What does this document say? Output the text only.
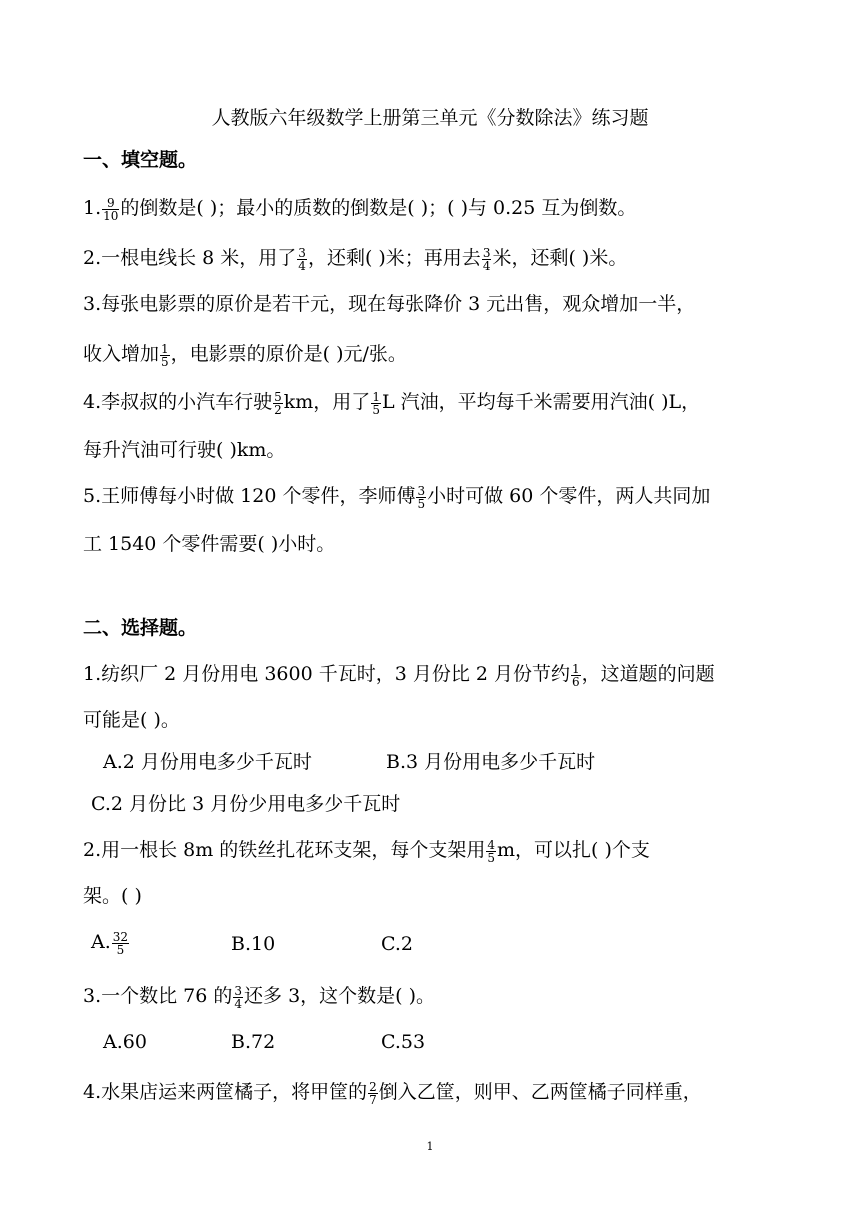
人教版六年级数学上册第三单元《分数除法》练习题
一、填空题。
1. $\frac{9}{10}$ 的倒数是( )；最小的质数的倒数是( )；( )与 0.25 互为倒数。
2.一根电线长 8 米，用了 $\frac{3}{4}$ ，还剩( )米；再用去 $\frac{3}{4}$ 米，还剩( )米。
3.每张电影票的原价是若干元，现在每张降价 3 元出售，观众增加一半，
收入增加 $\frac{1}{5}$ ，电影票的原价是( )元/张。
4.李叔叔的小汽车行驶 $\frac{5}{2}$ km，用了 $\frac{1}{5}$ L 汽油，平均每千米需要用汽油( )L，
每升汽油可行驶( )km。
5.王师傅每小时做 120 个零件，李师傅 $\frac{3}{5}$ 小时可做 60 个零件，两人共同加
工 1540 个零件需要( )小时。
二、选择题。
1.纺织厂 2 月份用电 3600 千瓦时，3 月份比 2 月份节约 $\frac{1}{6}$ ，这道题的问题
可能是( )。
A.2 月份用电多少千瓦时	B.3 月份用电多少千瓦时
C.2 月份比 3 月份少用电多少千瓦时
2.用一根长 8m 的铁丝扎花环支架，每个支架用 $\frac{4}{5}$ m，可以扎( )个支
架。( )
A. $\frac{32}{5}$	B.10	C.2
3.一个数比 76 的 $\frac{3}{4}$ 还多 3，这个数是( )。
A.60	B.72	C.53
4.水果店运来两筐橘子，将甲筐的 $\frac{2}{7}$ 倒入乙筐，则甲、乙两筐橘子同样重，
1
